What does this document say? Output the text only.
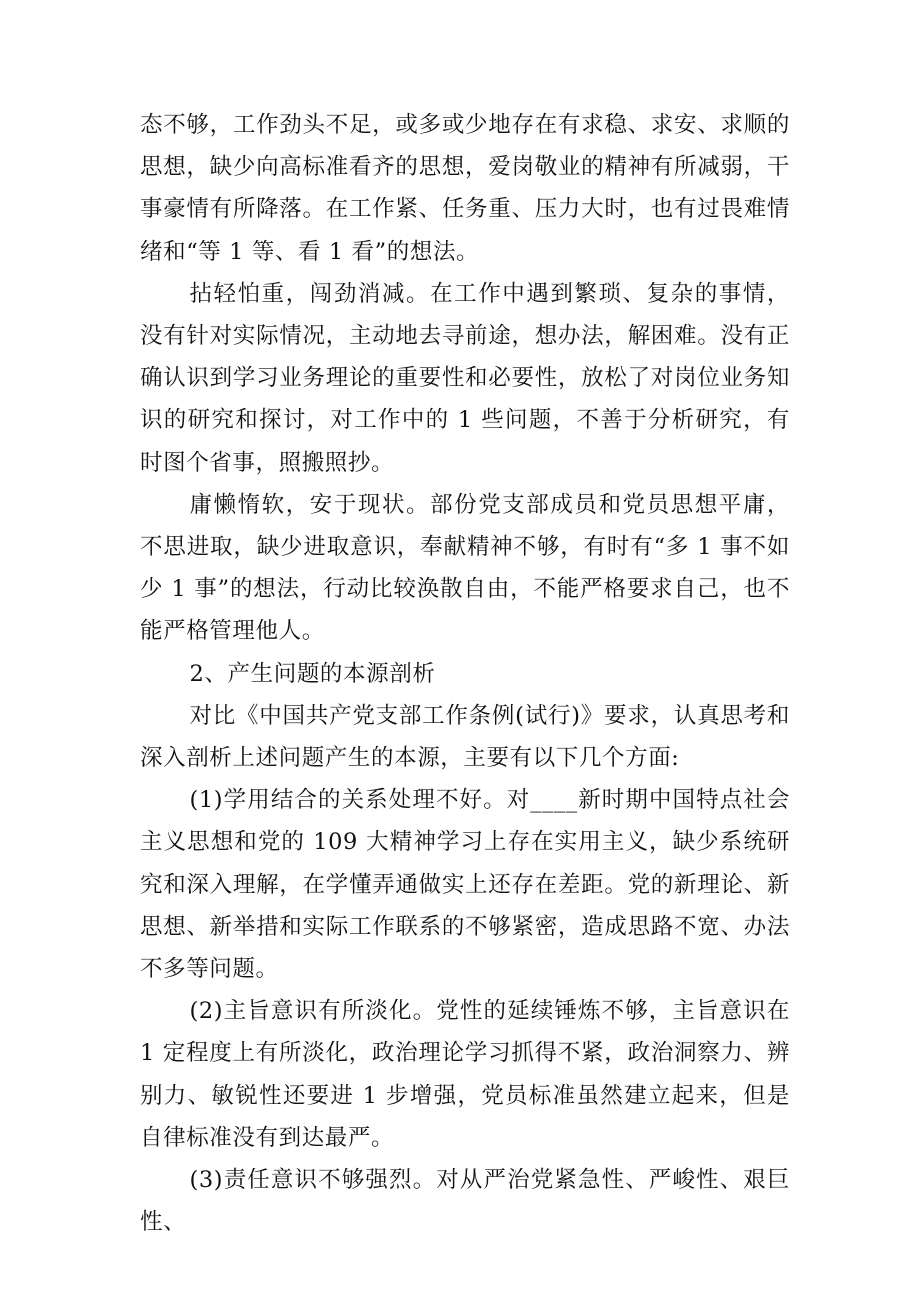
态不够，工作劲头不足，或多或少地存在有求稳、求安、求顺的思想，缺少向高标准看齐的思想，爱岗敬业的精神有所减弱，干事豪情有所降落。在工作紧、任务重、压力大时，也有过畏难情绪和“等 1 等、看 1 看”的想法。

拈轻怕重，闯劲消减。在工作中遇到繁琐、复杂的事情，没有针对实际情况，主动地去寻前途，想办法，解困难。没有正确认识到学习业务理论的重要性和必要性，放松了对岗位业务知识的研究和探讨，对工作中的 1 些问题，不善于分析研究，有时图个省事，照搬照抄。

庸懒惰软，安于现状。部份党支部成员和党员思想平庸，不思进取，缺少进取意识，奉献精神不够，有时有“多 1 事不如少 1 事”的想法，行动比较涣散自由，不能严格要求自己，也不能严格管理他人。

2、产生问题的本源剖析

对比《中国共产党支部工作条例(试行)》要求，认真思考和深入剖析上述问题产生的本源，主要有以下几个方面:

(1)学用结合的关系处理不好。对____新时期中国特点社会主义思想和党的 109 大精神学习上存在实用主义，缺少系统研究和深入理解，在学懂弄通做实上还存在差距。党的新理论、新思想、新举措和实际工作联系的不够紧密，造成思路不宽、办法不多等问题。

(2)主旨意识有所淡化。党性的延续锤炼不够，主旨意识在 1 定程度上有所淡化，政治理论学习抓得不紧，政治洞察力、辨别力、敏锐性还要进 1 步增强，党员标准虽然建立起来，但是自律标准没有到达最严。

(3)责任意识不够强烈。对从严治党紧急性、严峻性、艰巨性、
